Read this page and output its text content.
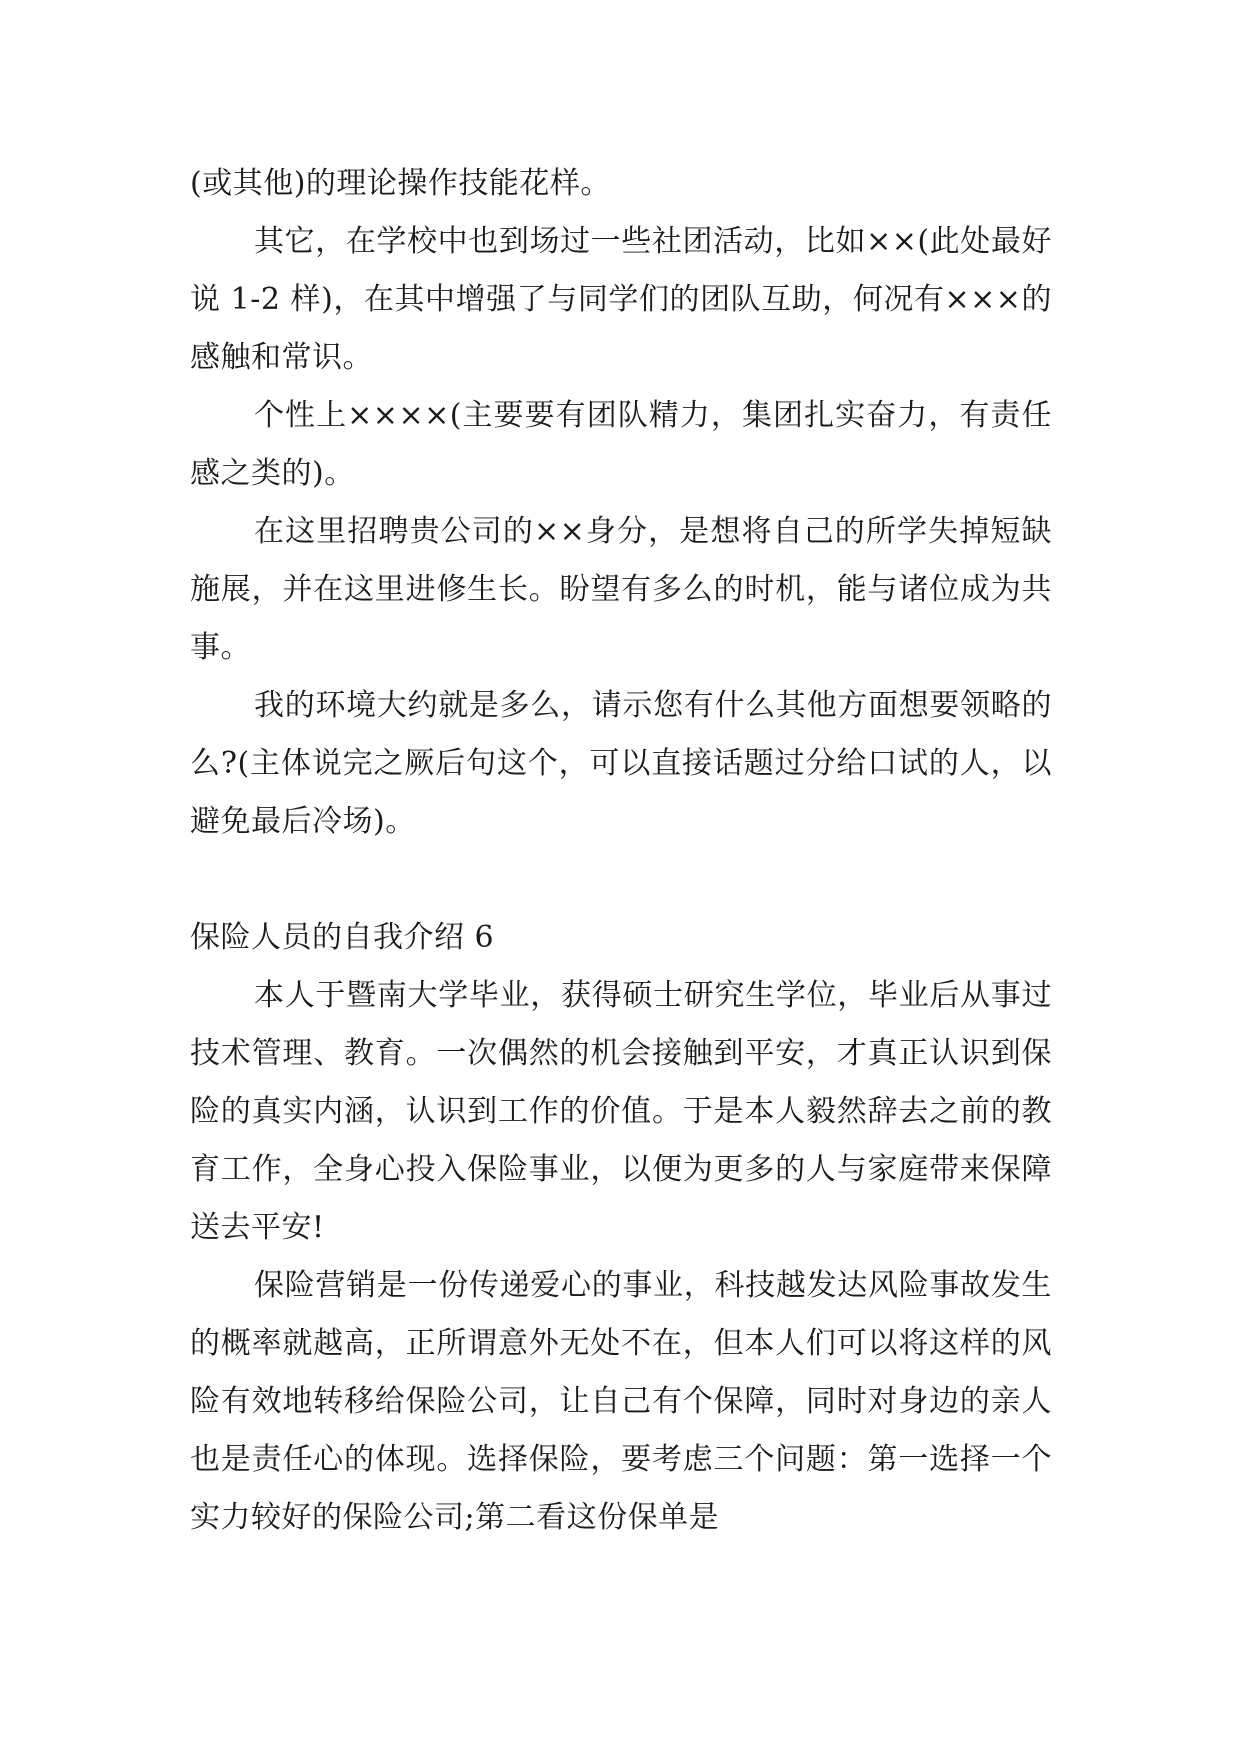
(或其他)的理论操作技能花样。

其它，在学校中也到场过一些社团活动，比如××(此处最好说 1-2 样)，在其中增强了与同学们的团队互助，何况有×××的感触和常识。

个性上××××(主要要有团队精力，集团扎实奋力，有责任感之类的)。

在这里招聘贵公司的××身分，是想将自己的所学失掉短缺施展，并在这里进修生长。盼望有多么的时机，能与诸位成为共事。

我的环境大约就是多么，请示您有什么其他方面想要领略的么?(主体说完之厥后句这个，可以直接话题过分给口试的人，以避免最后冷场)。

保险人员的自我介绍 6

本人于暨南大学毕业，获得硕士研究生学位，毕业后从事过技术管理、教育。一次偶然的机会接触到平安，才真正认识到保险的真实内涵，认识到工作的价值。于是本人毅然辞去之前的教育工作，全身心投入保险事业，以便为更多的人与家庭带来保障送去平安!

保险营销是一份传递爱心的事业，科技越发达风险事故发生的概率就越高，正所谓意外无处不在，但本人们可以将这样的风险有效地转移给保险公司，让自己有个保障，同时对身边的亲人也是责任心的体现。选择保险，要考虑三个问题：第一选择一个实力较好的保险公司;第二看这份保单是
